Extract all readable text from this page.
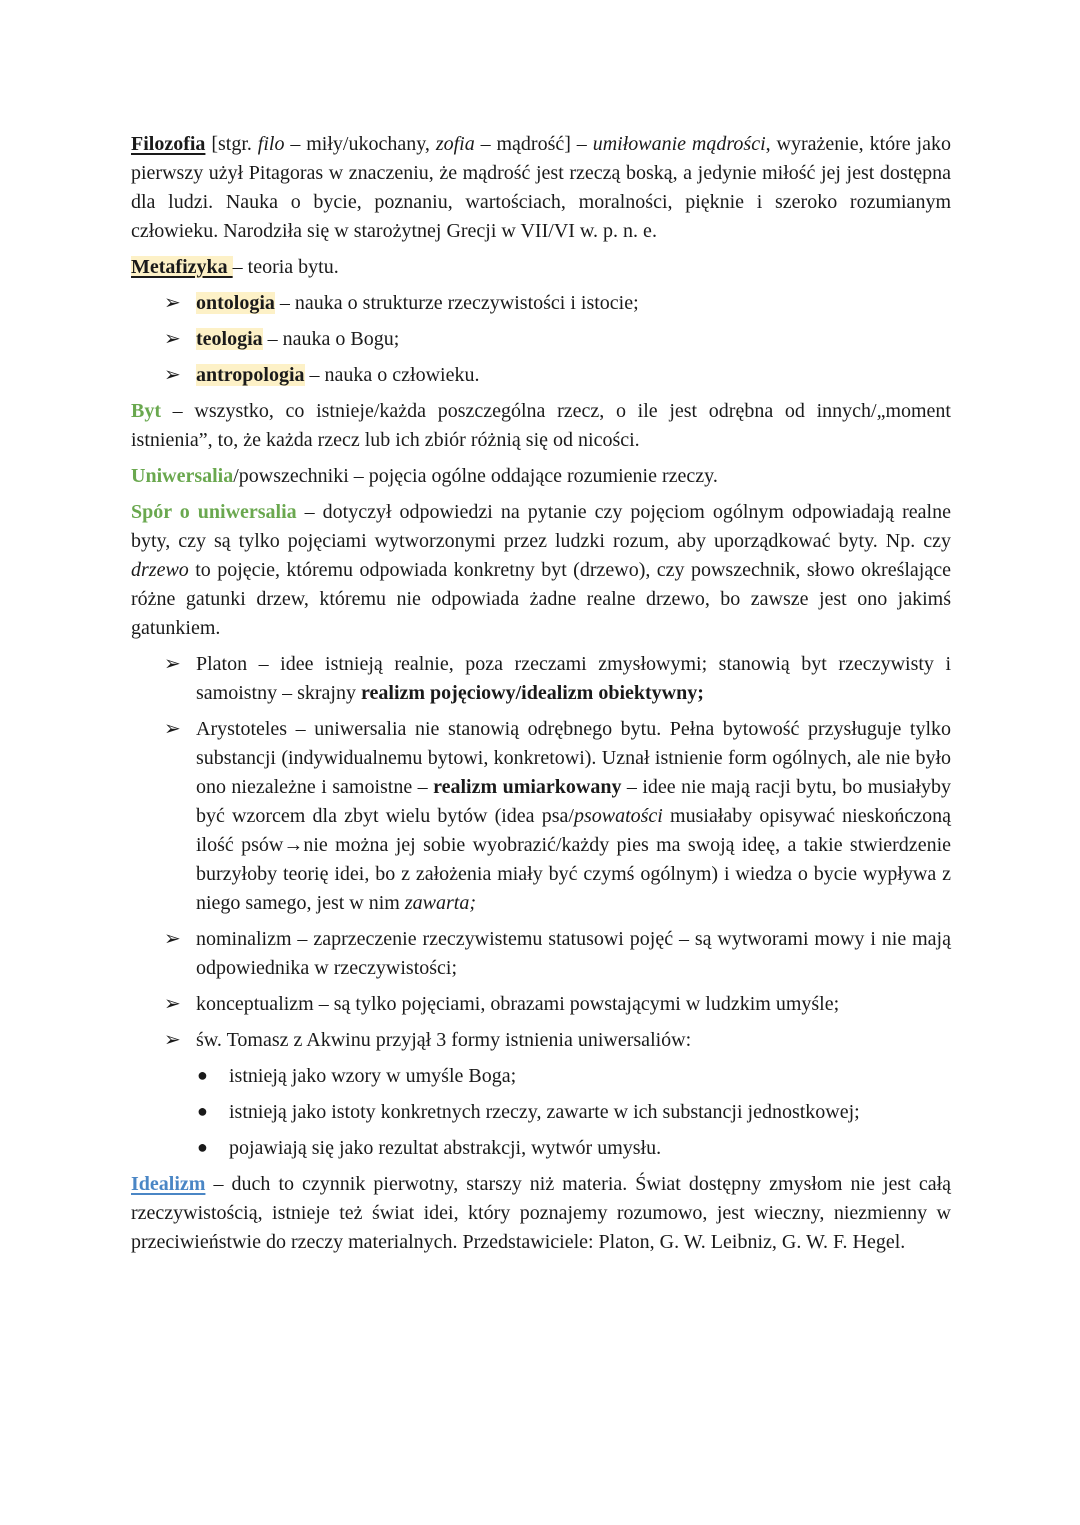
Filozofia [stgr. filo – miły/ukochany, zofia – mądrość] – umiłowanie mądrości, wyrażenie, które jako pierwszy użył Pitagoras w znaczeniu, że mądrość jest rzeczą boską, a jedynie miłość jej jest dostępna dla ludzi. Nauka o bycie, poznaniu, wartościach, moralności, pięknie i szeroko rozumianym człowieku. Narodziła się w starożytnej Grecji w VII/VI w. p. n. e.

Metafizyka – teoria bytu.

➢ ontologia – nauka o strukturze rzeczywistości i istocie;
➢ teologia – nauka o Bogu;
➢ antropologia – nauka o człowieku.

Byt – wszystko, co istnieje/każda poszczególna rzecz, o ile jest odrębna od innych/„moment istnienia”, to, że każda rzecz lub ich zbiór różnią się od nicości.

Uniwersalia/powszechniki – pojęcia ogólne oddające rozumienie rzeczy.

Spór o uniwersalia – dotyczył odpowiedzi na pytanie czy pojęciom ogólnym odpowiadają realne byty, czy są tylko pojęciami wytworzonymi przez ludzki rozum, aby uporządkować byty. Np. czy drzewo to pojęcie, któremu odpowiada konkretny byt (drzewo), czy powszechnik, słowo określające różne gatunki drzew, któremu nie odpowiada żadne realne drzewo, bo zawsze jest ono jakimś gatunkiem.

➢ Platon – idee istnieją realnie, poza rzeczami zmysłowymi; stanowią byt rzeczywisty i samoistny – skrajny realizm pojęciowy/idealizm obiektywny;
➢ Arystoteles – uniwersalia nie stanowią odrębnego bytu. Pełna bytowość przysługuje tylko substancji (indywidualnemu bytowi, konkretowi). Uznał istnienie form ogólnych, ale nie było ono niezależne i samoistne – realizm umiarkowany – idee nie mają racji bytu, bo musiałyby być wzorcem dla zbyt wielu bytów (idea psa/psowatości musiałaby opisywać nieskończoną ilość psów→nie można jej sobie wyobrazić/każdy pies ma swoją ideę, a takie stwierdzenie burzyłoby teorię idei, bo z założenia miały być czymś ogólnym) i wiedza o bycie wypływa z niego samego, jest w nim zawarta;
➢ nominalizm – zaprzeczenie rzeczywistemu statusowi pojęć – są wytworami mowy i nie mają odpowiednika w rzeczywistości;
➢ konceptualizm – są tylko pojęciami, obrazami powstającymi w ludzkim umyśle;
➢ św. Tomasz z Akwinu przyjął 3 formy istnienia uniwersaliów:
● istnieją jako wzory w umyśle Boga;
● istnieją jako istoty konkretnych rzeczy, zawarte w ich substancji jednostkowej;
● pojawiają się jako rezultat abstrakcji, wytwór umysłu.

Idealizm – duch to czynnik pierwotny, starszy niż materia. Świat dostępny zmysłom nie jest całą rzeczywistością, istnieje też świat idei, który poznajemy rozumowo, jest wieczny, niezmienny w przeciwieństwie do rzeczy materialnych. Przedstawiciele: Platon, G. W. Leibniz, G. W. F. Hegel.
